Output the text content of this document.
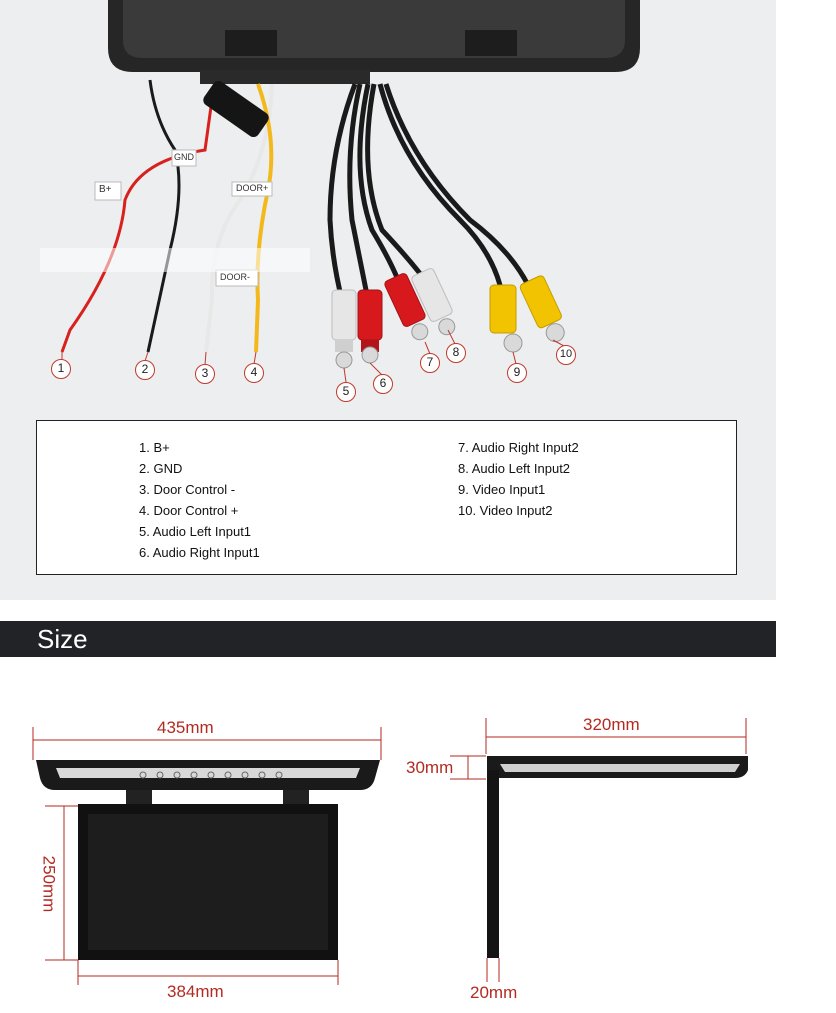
B+
GND
DOOR+
DOOR-
1	2	3	4
5
6
7
8
9
10
1. B+
2. GND
3. Door Control -
4. Door Control +
5. Audio Left Input1
6. Audio Right Input1
7. Audio Right Input2
8. Audio Left Input2
9. Video Input1
10. Video Input2
Size
435mm
250mm
384mm
320mm
30mm
20mm
